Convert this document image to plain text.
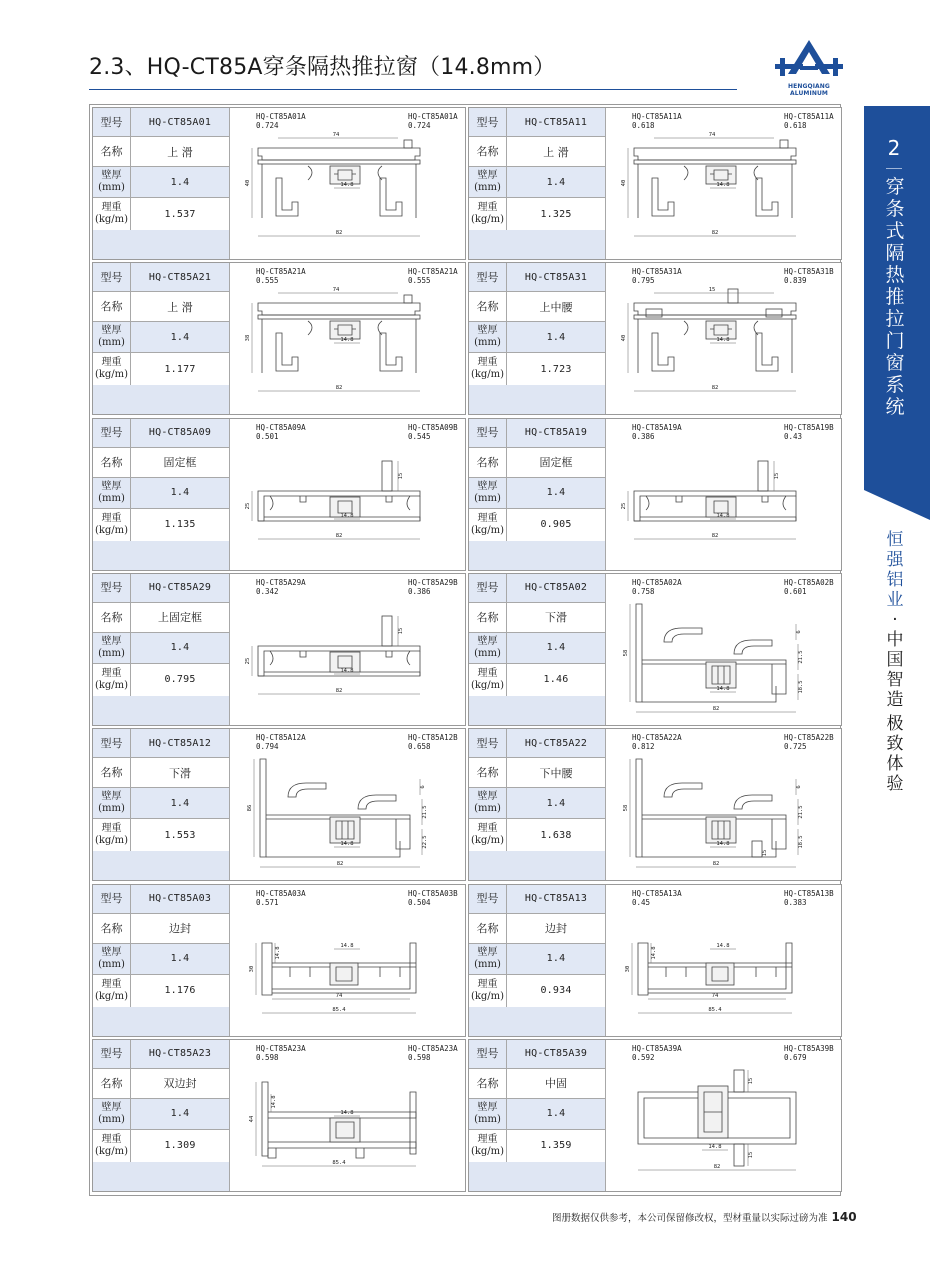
2.3、HQ-CT85A穿条隔热推拉窗（14.8mm）
HENGQIANG ALUMINUM
2
穿
条
式
隔
热
推
拉
门
窗
系
统
恒
强
铝
业
·
中
国
智
造
极
致
体
验
型号	HQ-CT85A01
名称	上 滑
壁厚
(mm)	1.4
理重
(kg/m)	1.537
HQ-CT85A01A
0.724
HQ-CT85A01A
0.724
74
14.8
82
40
型号	HQ-CT85A11
名称	上 滑
壁厚
(mm)	1.4
理重
(kg/m)	1.325
HQ-CT85A11A
0.618
HQ-CT85A11A
0.618
74
14.8
82
40
型号	HQ-CT85A21
名称	上 滑
壁厚
(mm)	1.4
理重
(kg/m)	1.177
HQ-CT85A21A
0.555
HQ-CT85A21A
0.555
74
14.8
82
38
型号	HQ-CT85A31
名称	上中腰
壁厚
(mm)	1.4
理重
(kg/m)	1.723
HQ-CT85A31A
0.795
HQ-CT85A31B
0.839
15
14.8
82
40
型号	HQ-CT85A09
名称	固定框
壁厚
(mm)	1.4
理重
(kg/m)	1.135
HQ-CT85A09A
0.501
HQ-CT85A09B
0.545
15
14.8
82
25
型号	HQ-CT85A19
名称	固定框
壁厚
(mm)	1.4
理重
(kg/m)	0.905
HQ-CT85A19A
0.386
HQ-CT85A19B
0.43
15
14.8
82
25
型号	HQ-CT85A29
名称	上固定框
壁厚
(mm)	1.4
理重
(kg/m)	0.795
HQ-CT85A29A
0.342
HQ-CT85A29B
0.386
15
14.8
82
25
型号	HQ-CT85A02
名称	下滑
壁厚
(mm)	1.4
理重
(kg/m)	1.46
HQ-CT85A02A
0.758
HQ-CT85A02B
0.601
6
14.8
82
21.5
18.5
58
型号	HQ-CT85A12
名称	下滑
壁厚
(mm)	1.4
理重
(kg/m)	1.553
HQ-CT85A12A
0.794
HQ-CT85A12B
0.658
6
14.8
82
21.5
22.5
86
型号	HQ-CT85A22
名称	下中腰
壁厚
(mm)	1.4
理重
(kg/m)	1.638
HQ-CT85A22A
0.812
HQ-CT85A22B
0.725
6
14.8
82
21.5
18.5
15
58
型号	HQ-CT85A03
名称	边封
壁厚
(mm)	1.4
理重
(kg/m)	1.176
HQ-CT85A03A
0.571
HQ-CT85A03B
0.504
14.8
14.8
74
85.4
30
型号	HQ-CT85A13
名称	边封
壁厚
(mm)	1.4
理重
(kg/m)	0.934
HQ-CT85A13A
0.45
HQ-CT85A13B
0.383
14.8
14.8
74
85.4
30
型号	HQ-CT85A23
名称	双边封
壁厚
(mm)	1.4
理重
(kg/m)	1.309
HQ-CT85A23A
0.598
HQ-CT85A23A
0.598
14.8
14.8
85.4
44
型号	HQ-CT85A39
名称	中固
壁厚
(mm)	1.4
理重
(kg/m)	1.359
HQ-CT85A39A
0.592
HQ-CT85A39B
0.679
15
14.8
82
15
图册数据仅供参考，本公司保留修改权，型材重量以实际过磅为准 140
